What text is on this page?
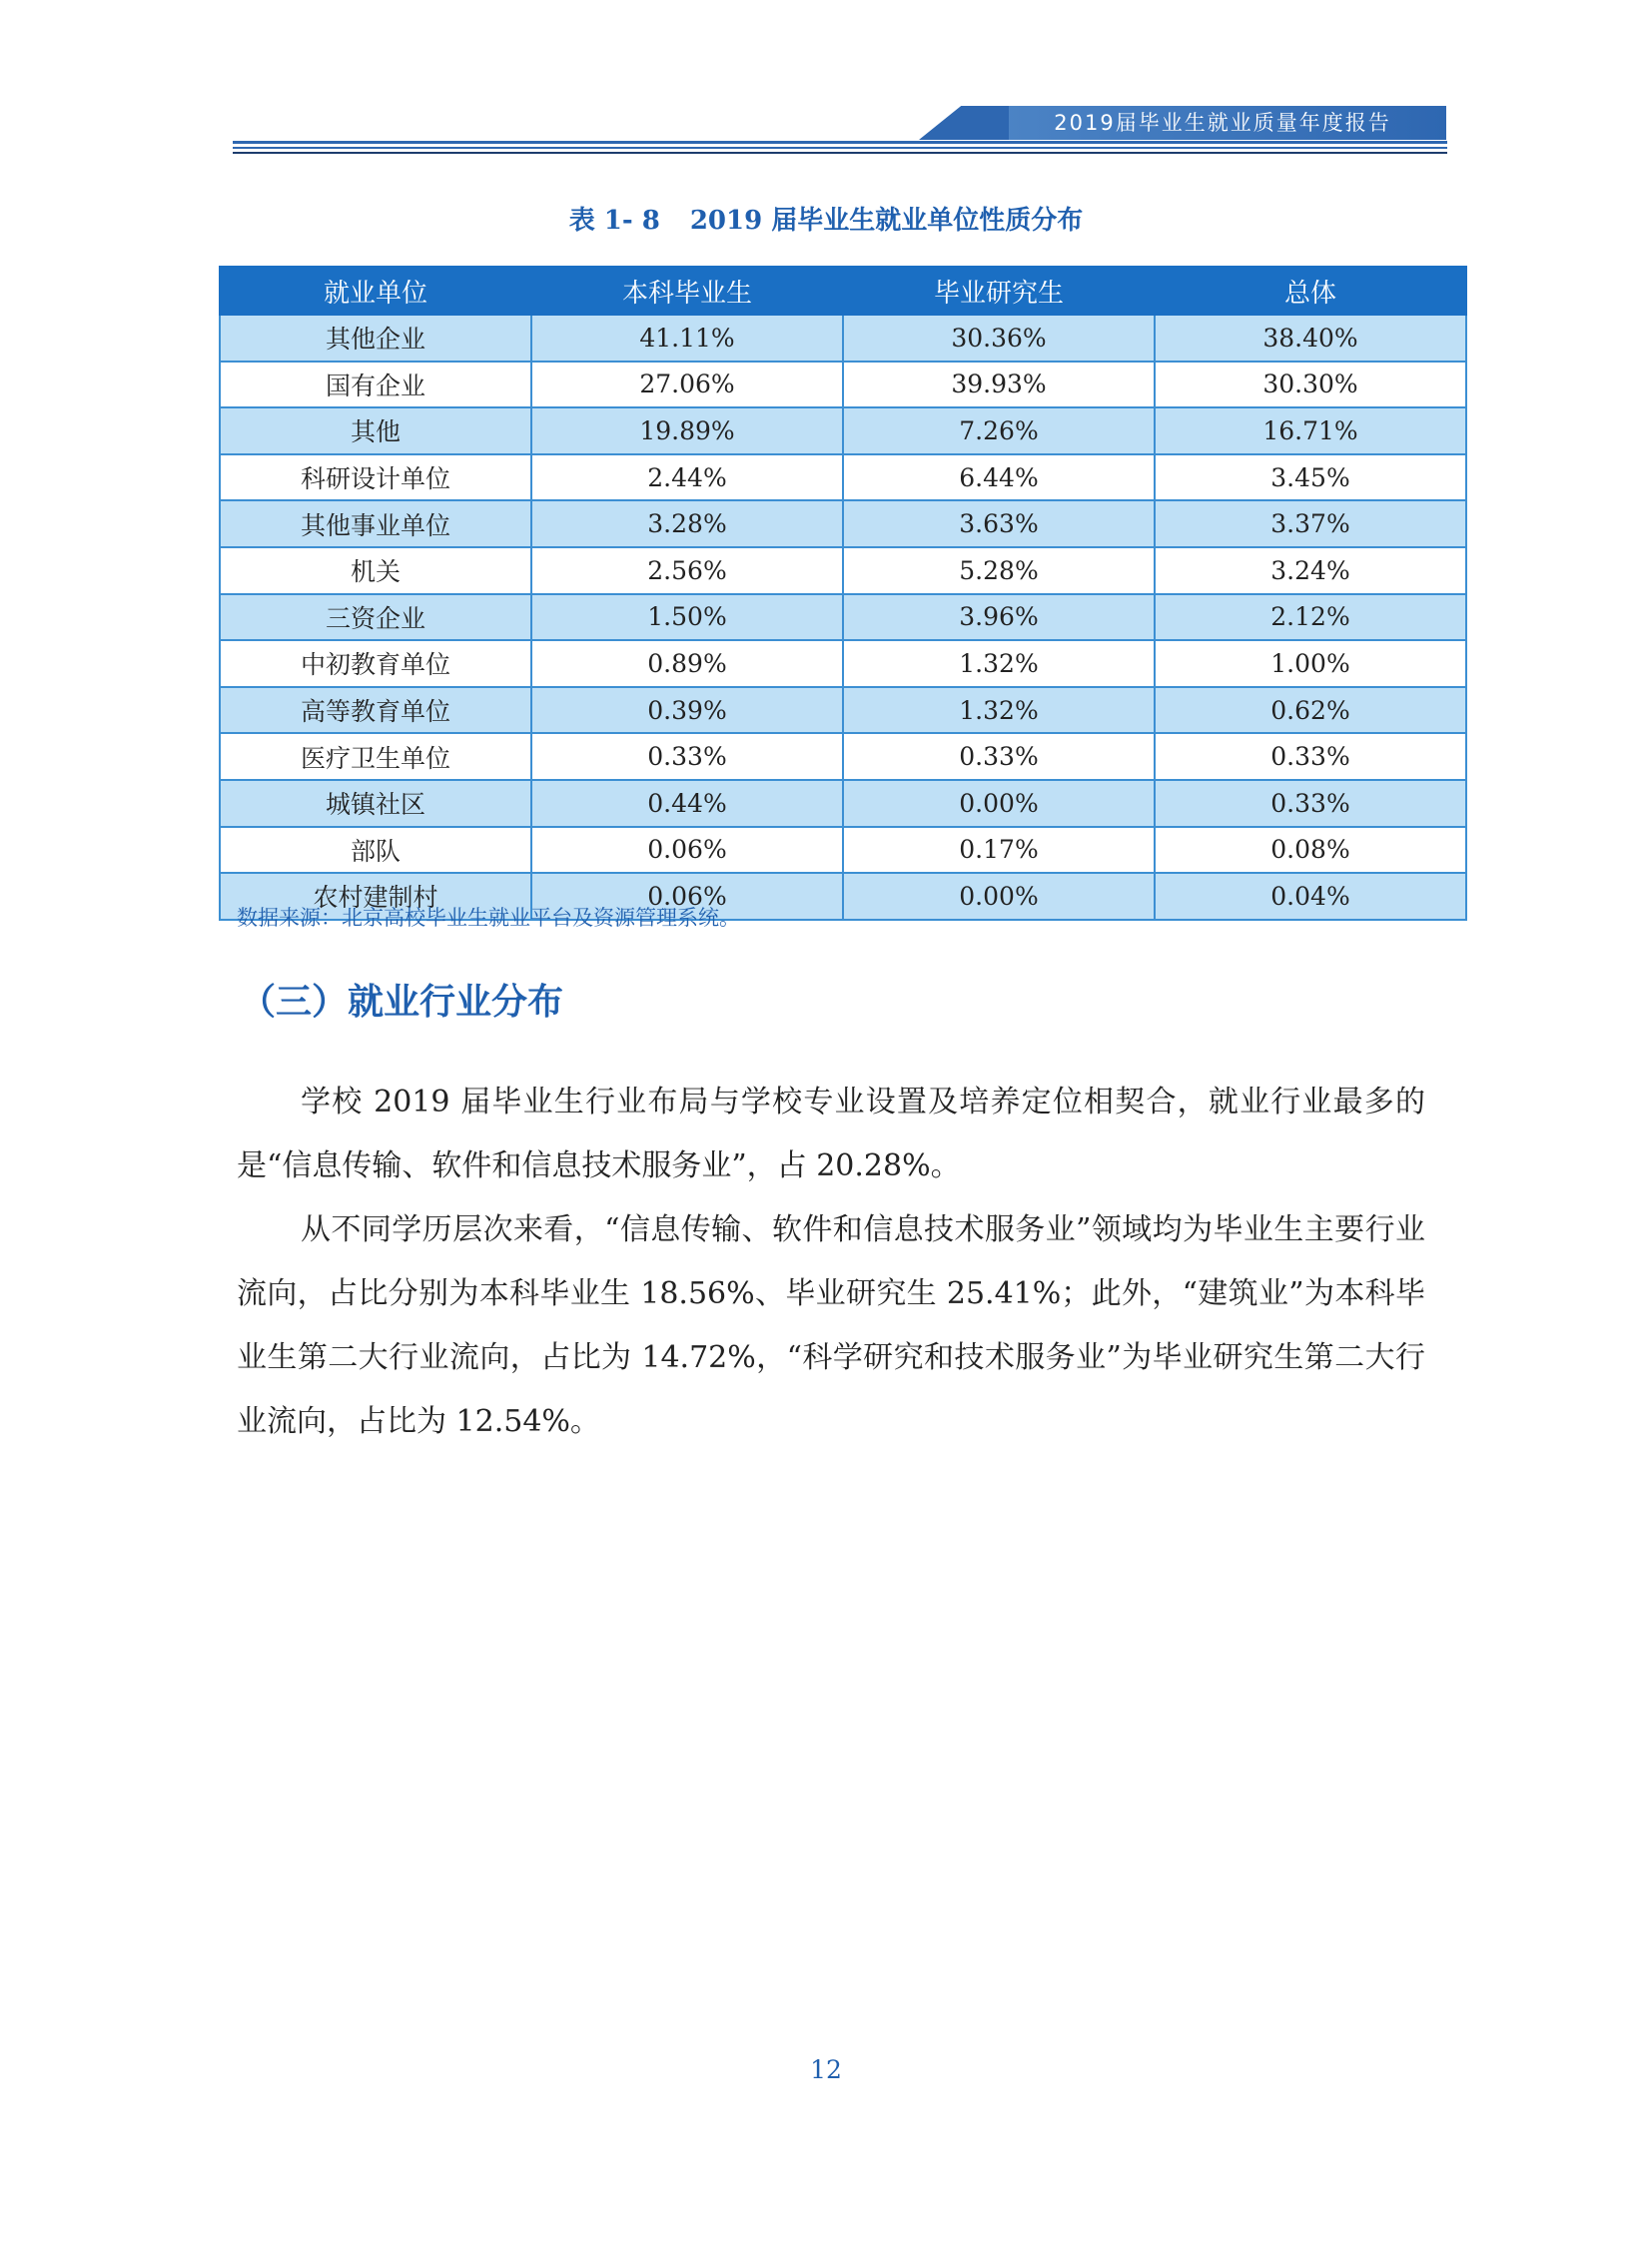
2019届毕业生就业质量年度报告
表 1- 8 2019 届毕业生就业单位性质分布
就业单位	本科毕业生	毕业研究生	总体
其他企业	41.11%	30.36%	38.40%
国有企业	27.06%	39.93%	30.30%
其他	19.89%	7.26%	16.71%
科研设计单位	2.44%	6.44%	3.45%
其他事业单位	3.28%	3.63%	3.37%
机关	2.56%	5.28%	3.24%
三资企业	1.50%	3.96%	2.12%
中初教育单位	0.89%	1.32%	1.00%
高等教育单位	0.39%	1.32%	0.62%
医疗卫生单位	0.33%	0.33%	0.33%
城镇社区	0.44%	0.00%	0.33%
部队	0.06%	0.17%	0.08%
农村建制村	0.06%	0.00%	0.04%
数据来源：北京高校毕业生就业平台及资源管理系统。
（三）就业行业分布

学校 2019 届毕业生行业布局与学校专业设置及培养定位相契合，就业行业最多的是“信息传输、软件和信息技术服务业”，占 20.28%。

从不同学历层次来看，“信息传输、软件和信息技术服务业”领域均为毕业生主要行业流向，占比分别为本科毕业生 18.56%、毕业研究生 25.41%；此外，“建筑业”为本科毕业生第二大行业流向，占比为 14.72%，“科学研究和技术服务业”为毕业研究生第二大行业流向，占比为 12.54%。

12
